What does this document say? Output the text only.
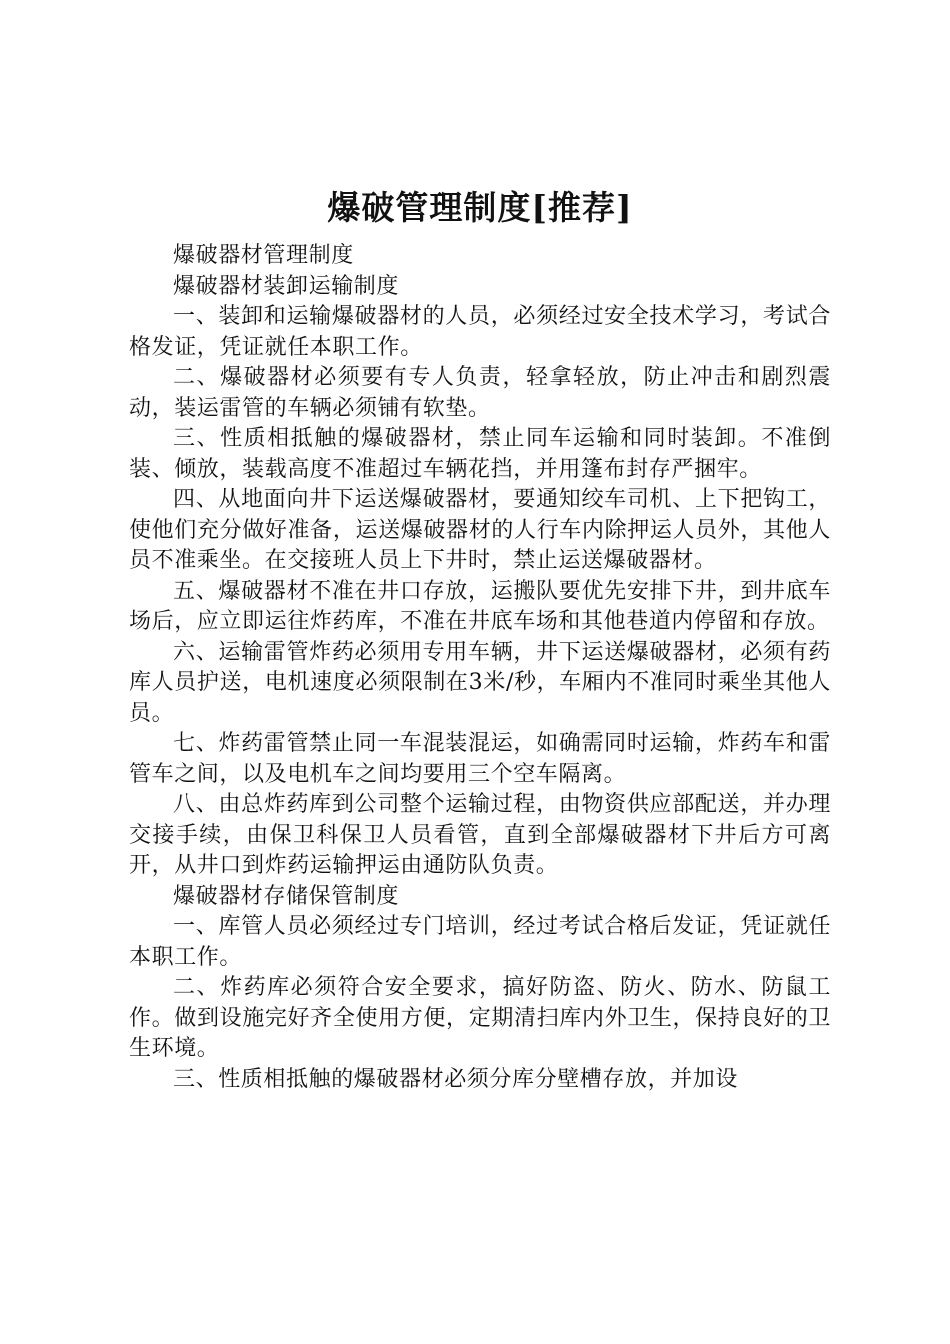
爆破管理制度[推荐]

爆破器材管理制度

爆破器材装卸运输制度

一、装卸和运输爆破器材的人员，必须经过安全技术学习，考试合格发证，凭证就任本职工作。

二、爆破器材必须要有专人负责，轻拿轻放，防止冲击和剧烈震动，装运雷管的车辆必须铺有软垫。

三、性质相抵触的爆破器材，禁止同车运输和同时装卸。不准倒装、倾放，装载高度不准超过车辆花挡，并用篷布封存严捆牢。

四、从地面向井下运送爆破器材，要通知绞车司机、上下把钩工，使他们充分做好准备，运送爆破器材的人行车内除押运人员外，其他人员不准乘坐。在交接班人员上下井时，禁止运送爆破器材。

五、爆破器材不准在井口存放，运搬队要优先安排下井，到井底车场后，应立即运往炸药库，不准在井底车场和其他巷道内停留和存放。

六、运输雷管炸药必须用专用车辆，井下运送爆破器材，必须有药库人员护送，电机速度必须限制在3米/秒，车厢内不准同时乘坐其他人员。

七、炸药雷管禁止同一车混装混运，如确需同时运输，炸药车和雷管车之间，以及电机车之间均要用三个空车隔离。

八、由总炸药库到公司整个运输过程，由物资供应部配送，并办理交接手续，由保卫科保卫人员看管，直到全部爆破器材下井后方可离开，从井口到炸药运输押运由通防队负责。

爆破器材存储保管制度

一、库管人员必须经过专门培训，经过考试合格后发证，凭证就任本职工作。

二、炸药库必须符合安全要求，搞好防盗、防火、防水、防鼠工作。做到设施完好齐全使用方便，定期清扫库内外卫生，保持良好的卫生环境。

三、性质相抵触的爆破器材必须分库分壁槽存放，并加设
